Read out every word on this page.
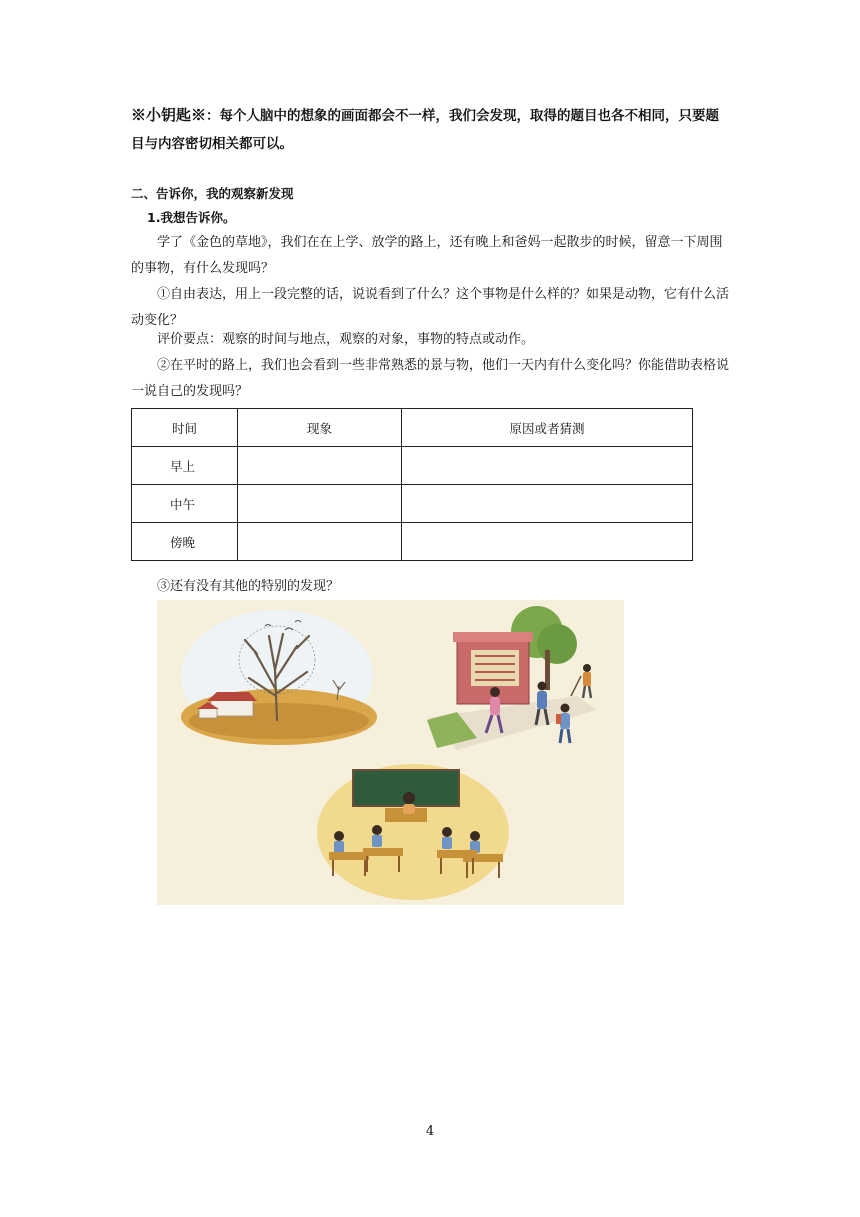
※小钥匙※：每个人脑中的想象的画面都会不一样，我们会发现，取得的题目也各不相同，只要题目与内容密切相关都可以。

二、告诉你，我的观察新发现

1.我想告诉你。

学了《金色的草地》，我们在在上学、放学的路上，还有晚上和爸妈一起散步的时候，留意一下周围的事物，有什么发现吗？

①自由表达，用上一段完整的话，说说看到了什么？这个事物是什么样的？如果是动物，它有什么活动变化？

评价要点：观察的时间与地点，观察的对象，事物的特点或动作。

②在平时的路上，我们也会看到一些非常熟悉的景与物，他们一天内有什么变化吗？你能借助表格说一说自己的发现吗？

时间	现象	原因或者猜测
早上		
中午		
傍晚		

③还有没有其他的特别的发现？

4
